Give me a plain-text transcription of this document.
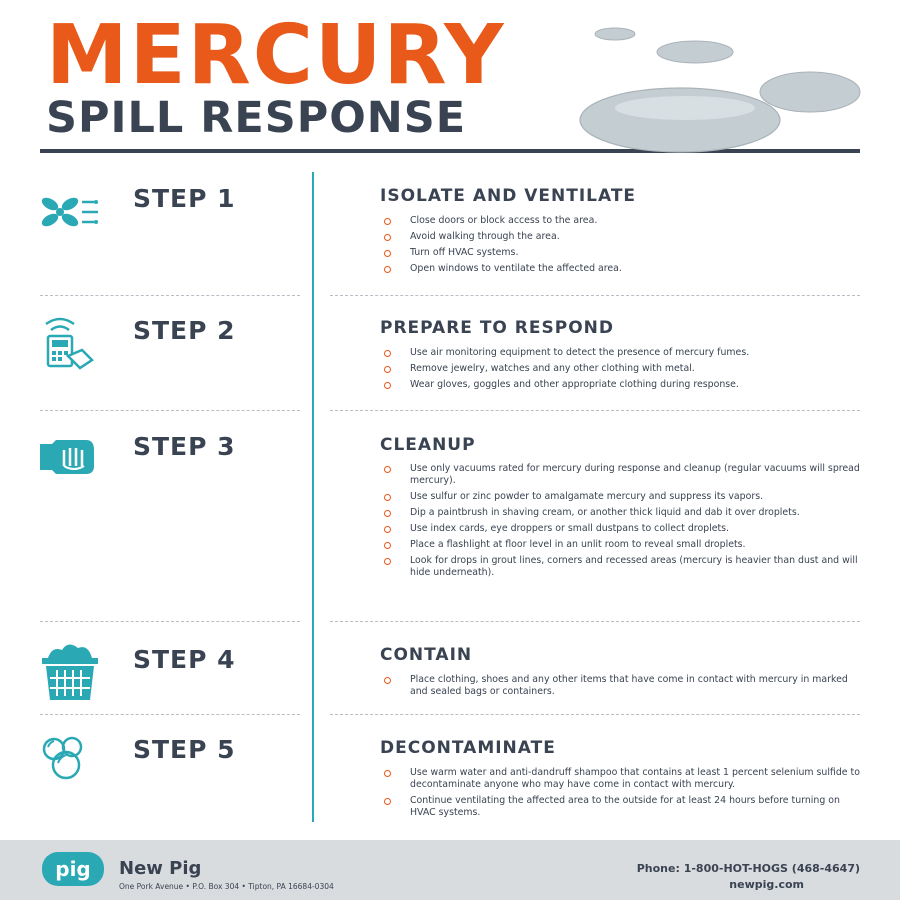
MERCURY
SPILL RESPONSE
STEP 1	ISOLATE AND VENTILATE
Close doors or block access to the area.
Avoid walking through the area.
Turn off HVAC systems.
Open windows to ventilate the affected area.
STEP 2	PREPARE TO RESPOND
Use air monitoring equipment to detect the presence of mercury fumes.
Remove jewelry, watches and any other clothing with metal.
Wear gloves, goggles and other appropriate clothing during response.
STEP 3	CLEANUP
Use only vacuums rated for mercury during response and cleanup (regular vacuums will spread mercury).
Use sulfur or zinc powder to amalgamate mercury and suppress its vapors.
Dip a paintbrush in shaving cream, or another thick liquid and dab it over droplets.
Use index cards, eye droppers or small dustpans to collect droplets.
Place a flashlight at floor level in an unlit room to reveal small droplets.
Look for drops in grout lines, corners and recessed areas (mercury is heavier than dust and will hide underneath).
STEP 4	CONTAIN
Place clothing, shoes and any other items that have come in contact with mercury in marked and sealed bags or containers.
STEP 5	DECONTAMINATE
Use warm water and anti-dandruff shampoo that contains at least 1 percent selenium sulfide to decontaminate anyone who may have come in contact with mercury.
Continue ventilating the affected area to the outside for at least 24 hours before turning on HVAC systems.
pig	New Pig
One Pork Avenue • P.O. Box 304 • Tipton, PA 16684-0304
Phone: 1-800-HOT-HOGS (468-4647)
newpig.com
